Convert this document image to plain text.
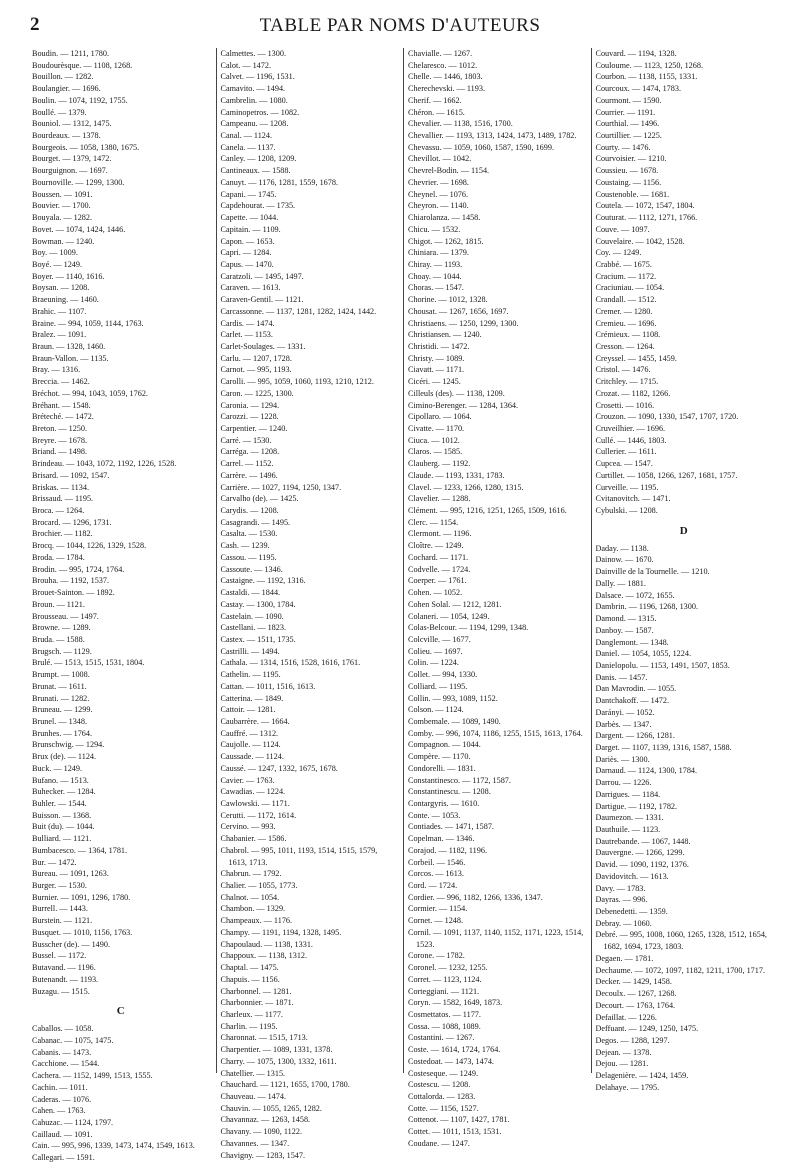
2	TABLE PAR NOMS D'AUTEURS
Boudin. — 1211, 1780.
Boudourèsque. — 1108, 1268.
Bouillon. — 1282.
Boulangier. — 1696.
Boulin. — 1074, 1192, 1755.
Boullé. — 1379.
Bouniol. — 1312, 1475.
Bourdeaux. — 1378.
Bourgeois. — 1058, 1380, 1675.
Bourget. — 1379, 1472.
Bourguignon. — 1697.
Bournoville. — 1299, 1300.
Boussen. — 1091.
Bouvier. — 1700.
Bouyala. — 1282.
Bovet. — 1074, 1424, 1446.
Bowman. — 1240.
Boy. — 1009.
Boyé. — 1249.
Boyer. — 1140, 1616.
Boysan. — 1208.
Braeuning. — 1460.
Brahic. — 1107.
Braine. — 994, 1059, 1144, 1763.
Bralez. — 1091.
Braun. — 1328, 1460.
Braun-Vallon. — 1135.
Bray. — 1316.
Breccia. — 1462.
Bréchot. — 994, 1043, 1059, 1762.
Bréhant. — 1548.
Bréteché. — 1472.
Breton. — 1250.
Breyre. — 1678.
Briand. — 1498.
Brindeau. — 1043, 1072, 1192, 1226, 1528.
Brisard. — 1092, 1547.
Briskas. — 1134.
Brissaud. — 1195.
Broca. — 1264.
Brocard. — 1296, 1731.
Brochier. — 1182.
Brocq. — 1044, 1226, 1329, 1528.
Broda. — 1784.
Brodin. — 995, 1724, 1764.
Brouha. — 1192, 1537.
Brouet-Sainton. — 1892.
Broun. — 1121.
Brousseau. — 1497.
Browne. — 1289.
Bruda. — 1588.
Brugsch. — 1129.
Brulé. — 1513, 1515, 1531, 1804.
Brumpt. — 1008.
Brunat. — 1611.
Brunati. — 1282.
Bruneau. — 1299.
Brunel. — 1348.
Brunhes. — 1764.
Brunschwig. — 1294.
Brux (de). — 1124.
Buck. — 1249.
Bufano. — 1513.
Buhecker. — 1284.
Buhler. — 1544.
Buisson. — 1368.
Buit (du). — 1044.
Bulliard. — 1121.
Bumbacesco. — 1364, 1781.
Bur. — 1472.
Bureau. — 1091, 1263.
Burger. — 1530.
Burnier. — 1091, 1296, 1780.
Burrell. — 1443.
Burstein. — 1121.
Busquet. — 1010, 1156, 1763.
Busscher (de). — 1490.
Bussel. — 1172.
Butavand. — 1196.
Butenandt. — 1193.
Buzagu. — 1515.
C
Caballos. — 1058.
Cabanac. — 1075, 1475.
Cabanis. — 1473.
Cacchione. — 1544.
Cachera. — 1152, 1499, 1513, 1555.
Cachin. — 1011.
Caderas. — 1076.
Cahen. — 1763.
Cahuzac. — 1124, 1797.
Caillaud. — 1091.
Cain. — 995, 996, 1339, 1473, 1474, 1549, 1613.
Callegari. — 1591.
Calmettes. — 1300.
Calot. — 1472.
Calvet. — 1196, 1531.
Camavito. — 1494.
Cambrelin. — 1080.
Caminopetros. — 1082.
Campeanu. — 1208.
Canal. — 1124.
Canela. — 1137.
Canley. — 1208, 1209.
Cantineaux. — 1588.
Canuyt. — 1176, 1281, 1559, 1678.
Capani. — 1745.
Capdehourat. — 1735.
Capette. — 1044.
Capitain. — 1109.
Capon. — 1653.
Capri. — 1284.
Capus. — 1470.
Caratzoli. — 1495, 1497.
Caraven. — 1613.
Caraven-Gentil. — 1121.
Carcassonne. — 1137, 1281, 1282, 1424, 1442.
Cardis. — 1474.
Carlet. — 1153.
Carlet-Soulages. — 1331.
Carlu. — 1207, 1728.
Carnot. — 995, 1193.
Carolli. — 995, 1059, 1060, 1193, 1210, 1212.
Caron. — 1225, 1300.
Caronia. — 1294.
Carozzi. — 1228.
Carpentier. — 1240.
Carré. — 1530.
Carréga. — 1208.
Carrel. — 1152.
Carrère. — 1496.
Carrière. — 1027, 1194, 1250, 1347.
Carvalho (de). — 1425.
Carydis. — 1208.
Casagrandi. — 1495.
Casalta. — 1530.
Cash. — 1239.
Cassou. — 1195.
Cassoute. — 1346.
Castaigne. — 1192, 1316.
Castaldi. — 1844.
Castay. — 1300, 1784.
Castelain. — 1090.
Castellani. — 1823.
Castex. — 1511, 1735.
Castrilli. — 1494.
Cathala. — 1314, 1516, 1528, 1616, 1761.
Cathelin. — 1195.
Cattan. — 1011, 1516, 1613.
Catterina. — 1849.
Cattoir. — 1281.
Caubarrère. — 1664.
Cauffré. — 1312.
Caujolle. — 1124.
Caussade. — 1124.
Caussé. — 1247, 1332, 1675, 1678.
Cavier. — 1763.
Cawadias. — 1224.
Cawlowski. — 1171.
Cerutti. — 1172, 1614.
Cervino. — 993.
Chabanier. — 1586.
Chabrol. — 995, 1011, 1193, 1514, 1515, 1579, 1613, 1713.
Chabrun. — 1792.
Chalier. — 1055, 1773.
Chalnot. — 1054.
Chambon. — 1329.
Champeaux. — 1176.
Champy. — 1191, 1194, 1328, 1495.
Chapoulaud. — 1138, 1331.
Chappoux. — 1138, 1312.
Chaptal. — 1475.
Chapuis. — 1156.
Charbonnel. — 1281.
Charbonnier. — 1871.
Charleux. — 1177.
Charlin. — 1195.
Charonnat. — 1515, 1713.
Charpentier. — 1089, 1331, 1378.
Charry. — 1075, 1300, 1332, 1611.
Chatellier. — 1315.
Chauchard. — 1121, 1655, 1700, 1780.
Chauveau. — 1474.
Chauvin. — 1055, 1265, 1282.
Chavannaz. — 1263, 1458.
Chavany. — 1090, 1122.
Chavannes. — 1347.
Chavigny. — 1283, 1547.
Chavialle. — 1267.
Chelaresco. — 1012.
Chelle. — 1446, 1803.
Cherechevski. — 1193.
Cherif. — 1662.
Chéron. — 1615.
Chevalier. — 1138, 1516, 1700.
Chevallier. — 1193, 1313, 1424, 1473, 1489, 1782.
Chevassu. — 1059, 1060, 1587, 1590, 1699.
Chevillot. — 1042.
Chevrel-Bodin. — 1154.
Chevrier. — 1698.
Cheynel. — 1076.
Cheyron. — 1140.
Chiarolanza. — 1458.
Chicu. — 1532.
Chigot. — 1262, 1815.
Chiniara. — 1379.
Chiray. — 1193.
Choay. — 1044.
Choras. — 1547.
Chorine. — 1012, 1328.
Chousat. — 1267, 1656, 1697.
Christiaens. — 1250, 1299, 1300.
Christiansen. — 1240.
Christidi. — 1472.
Christy. — 1089.
Ciavatt. — 1171.
Cicéri. — 1245.
Cilleuls (des). — 1138, 1209.
Cimino-Berenger. — 1284, 1364.
Cipollaro. — 1064.
Civatte. — 1170.
Ciuca. — 1012.
Claros. — 1585.
Clauberg. — 1192.
Claude. — 1193, 1331, 1783.
Clavel. — 1233, 1266, 1280, 1315.
Clavelier. — 1288.
Clément. — 995, 1216, 1251, 1265, 1509, 1616.
Clerc. — 1154.
Clermont. — 1196.
Cloître. — 1249.
Cochard. — 1171.
Codvelle. — 1724.
Coerper. — 1761.
Cohen. — 1052.
Cohen Solal. — 1212, 1281.
Colaneri. — 1054, 1249.
Colas-Belcour. — 1194, 1299, 1348.
Colcville. — 1677.
Colieu. — 1697.
Colin. — 1224.
Collet. — 994, 1330.
Colliard. — 1195.
Collin. — 993, 1089, 1152.
Colson. — 1124.
Combemale. — 1089, 1490.
Comby. — 996, 1074, 1186, 1255, 1515, 1613, 1764.
Compagnon. — 1044.
Compère. — 1170.
Condorelli. — 1831.
Constantinesco. — 1172, 1587.
Constantinescu. — 1208.
Contargyris. — 1610.
Conte. — 1053.
Contiades. — 1471, 1587.
Copelman. — 1346.
Corajod. — 1182, 1196.
Corbeil. — 1546.
Corcos. — 1613.
Cord. — 1724.
Cordier. — 996, 1182, 1266, 1336, 1347.
Cormier. — 1154.
Cornet. — 1248.
Cornil. — 1091, 1137, 1140, 1152, 1171, 1223, 1514, 1523.
Corone. — 1782.
Coronel. — 1232, 1255.
Corret. — 1123, 1124.
Corteggiani. — 1121.
Coryn. — 1582, 1649, 1873.
Cosmettatos. — 1177.
Cossa. — 1088, 1089.
Costantini. — 1267.
Coste. — 1614, 1724, 1764.
Costedoat. — 1473, 1474.
Costeseque. — 1249.
Costescu. — 1208.
Cottalorda. — 1283.
Cotte. — 1156, 1527.
Cottenot. — 1107, 1427, 1781.
Cottet. — 1011, 1513, 1531.
Coudane. — 1247.
Couvard. — 1194, 1328.
Couloume. — 1123, 1250, 1268.
Courbon. — 1138, 1155, 1331.
Courcoux. — 1474, 1783.
Courmont. — 1590.
Courrier. — 1191.
Courthial. — 1496.
Courtillier. — 1225.
Courty. — 1476.
Courvoisier. — 1210.
Coussieu. — 1678.
Coustaing. — 1156.
Coustenoble. — 1681.
Coutela. — 1072, 1547, 1804.
Couturat. — 1112, 1271, 1766.
Couve. — 1097.
Couvelaire. — 1042, 1528.
Coy. — 1249.
Crabbé. — 1675.
Cracium. — 1172.
Craciuniau. — 1054.
Crandall. — 1512.
Cremer. — 1280.
Cremieu. — 1696.
Crémieux. — 1108.
Cresson. — 1264.
Creyssel. — 1455, 1459.
Cristol. — 1476.
Critchley. — 1715.
Crozat. — 1182, 1266.
Crosetti. — 1016.
Crouzon. — 1090, 1330, 1547, 1707, 1720.
Cruveilhier. — 1696.
Cullé. — 1446, 1803.
Cullerier. — 1611.
Cupcea. — 1547.
Curtillet. — 1058, 1266, 1267, 1681, 1757.
Curveille. — 1195.
Cvitanovitch. — 1471.
Cybulski. — 1208.
D
Daday. — 1138.
Dainow. — 1670.
Dainville de la Tournelle. — 1210.
Dally. — 1881.
Dalsace. — 1072, 1655.
Dambrin. — 1196, 1268, 1300.
Damond. — 1315.
Danboy. — 1587.
Danglemont. — 1348.
Daniel. — 1054, 1055, 1224.
Danielopolu. — 1153, 1491, 1507, 1853.
Danis. — 1457.
Dan Mavrodin. — 1055.
Dantchakoff. — 1472.
Darányi. — 1052.
Darbès. — 1347.
Dargent. — 1266, 1281.
Darget. — 1107, 1139, 1316, 1587, 1588.
Dariès. — 1300.
Darnaud. — 1124, 1300, 1784.
Darrou. — 1226.
Darrigues. — 1184.
Dartigue. — 1192, 1782.
Daumezon. — 1331.
Dauthuile. — 1123.
Dautrebande. — 1067, 1448.
Dauvergne. — 1266, 1299.
David. — 1090, 1192, 1376.
Davidovitch. — 1613.
Davy. — 1783.
Dayras. — 996.
Debenedetti. — 1359.
Debray. — 1060.
Debré. — 995, 1008, 1060, 1265, 1328, 1512, 1654, 1682, 1694, 1723, 1803.
Degaen. — 1781.
Dechaume. — 1072, 1097, 1182, 1211, 1700, 1717.
Decker. — 1429, 1458.
Decoulx. — 1267, 1268.
Decourt. — 1763, 1764.
Defaillat. — 1226.
Deffuant. — 1249, 1250, 1475.
Degos. — 1288, 1297.
Dejean. — 1378.
Dejou. — 1281.
Delagenière. — 1424, 1459.
Delahaye. — 1795.
